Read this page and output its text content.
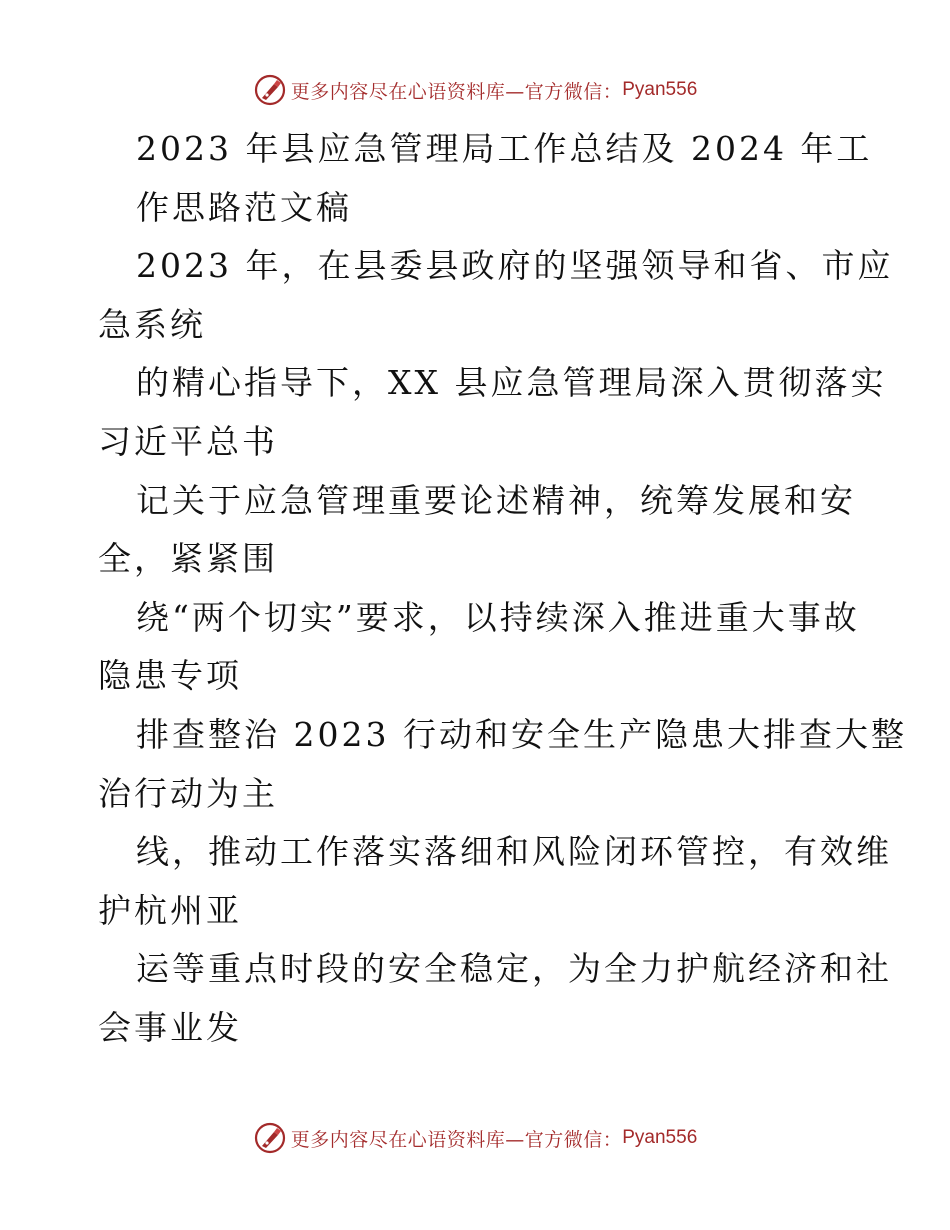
更多内容尽在心语资料库—官方微信： Pyan556
2023 年县应急管理局工作总结及 2024 年工
作思路范文稿
2023 年，在县委县政府的坚强领导和省、市应
急系统
的精心指导下，XX 县应急管理局深入贯彻落实
习近平总书
记关于应急管理重要论述精神，统筹发展和安
全，紧紧围
绕“两个切实”要求，以持续深入推进重大事故
隐患专项
排查整治 2023 行动和安全生产隐患大排查大整
治行动为主
线，推动工作落实落细和风险闭环管控，有效维
护杭州亚
运等重点时段的安全稳定，为全力护航经济和社
会事业发
更多内容尽在心语资料库—官方微信： Pyan556
